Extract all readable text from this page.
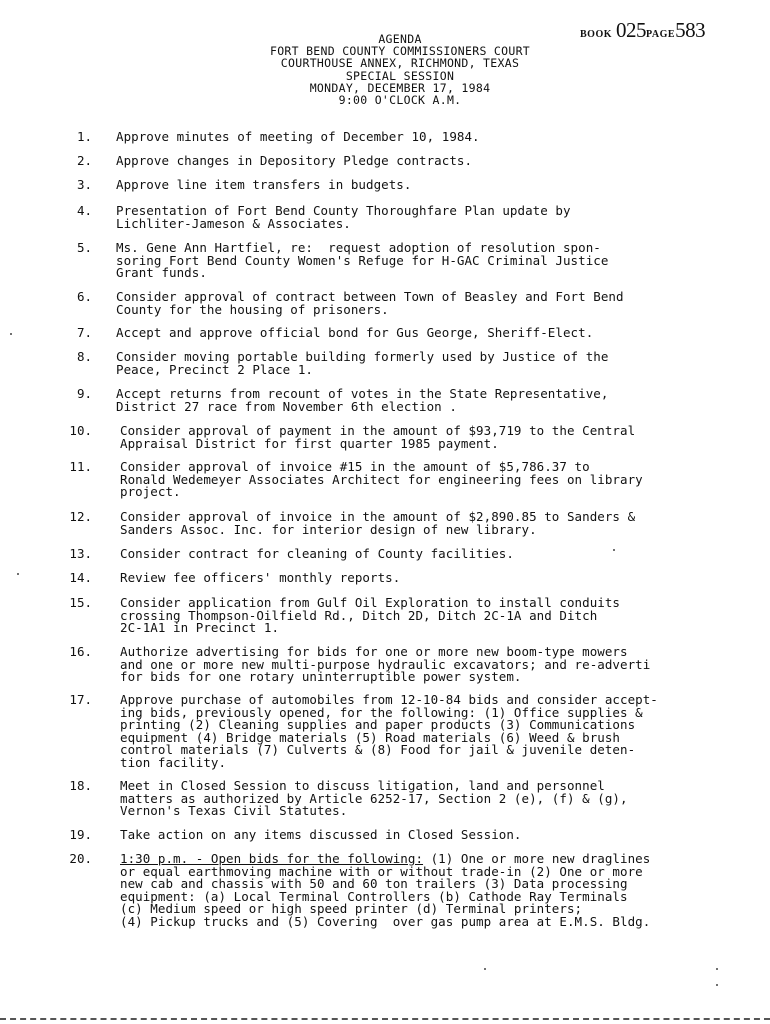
BOOK 025PAGE583
AGENDA
FORT BEND COUNTY COMMISSIONERS COURT
COURTHOUSE ANNEX, RICHMOND, TEXAS
SPECIAL SESSION
MONDAY, DECEMBER 17, 1984
9:00 O'CLOCK A.M.
1. Approve minutes of meeting of December 10, 1984.
2. Approve changes in Depository Pledge contracts.
3. Approve line item transfers in budgets.
4. Presentation of Fort Bend County Thoroughfare Plan update by
Lichliter-Jameson & Associates.
5. Ms. Gene Ann Hartfiel, re:  request adoption of resolution spon-
soring Fort Bend County Women's Refuge for H-GAC Criminal Justice
Grant funds.
6. Consider approval of contract between Town of Beasley and Fort Bend
County for the housing of prisoners.
7. Accept and approve official bond for Gus George, Sheriff-Elect.
8. Consider moving portable building formerly used by Justice of the
Peace, Precinct 2 Place 1.
9. Accept returns from recount of votes in the State Representative,
District 27 race from November 6th election .
10. Consider approval of payment in the amount of $93,719 to the Central
Appraisal District for first quarter 1985 payment.
11. Consider approval of invoice #15 in the amount of $5,786.37 to
Ronald Wedemeyer Associates Architect for engineering fees on library
project.
12. Consider approval of invoice in the amount of $2,890.85 to Sanders &
Sanders Assoc. Inc. for interior design of new library.
13. Consider contract for cleaning of County facilities.
14. Review fee officers' monthly reports.
15. Consider application from Gulf Oil Exploration to install conduits
crossing Thompson-Oilfield Rd., Ditch 2D, Ditch 2C-1A and Ditch
2C-1A1 in Precinct 1.
16. Authorize advertising for bids for one or more new boom-type mowers
and one or more new multi-purpose hydraulic excavators; and re-adverti
for bids for one rotary uninterruptible power system.
17. Approve purchase of automobiles from 12-10-84 bids and consider accept-
ing bids, previously opened, for the following: (1) Office supplies &
printing (2) Cleaning supplies and paper products (3) Communications
equipment (4) Bridge materials (5) Road materials (6) Weed & brush
control materials (7) Culverts & (8) Food for jail & juvenile deten-
tion facility.
18. Meet in Closed Session to discuss litigation, land and personnel
matters as authorized by Article 6252-17, Section 2 (e), (f) & (g),
Vernon's Texas Civil Statutes.
19. Take action on any items discussed in Closed Session.
20. 1:30 p.m. - Open bids for the following: (1) One or more new draglines
or equal earthmoving machine with or without trade-in (2) One or more
new cab and chassis with 50 and 60 ton trailers (3) Data processing
equipment: (a) Local Terminal Controllers (b) Cathode Ray Terminals
(c) Medium speed or high speed printer (d) Terminal printers;
(4) Pickup trucks and (5) Covering  over gas pump area at E.M.S. Bldg.
